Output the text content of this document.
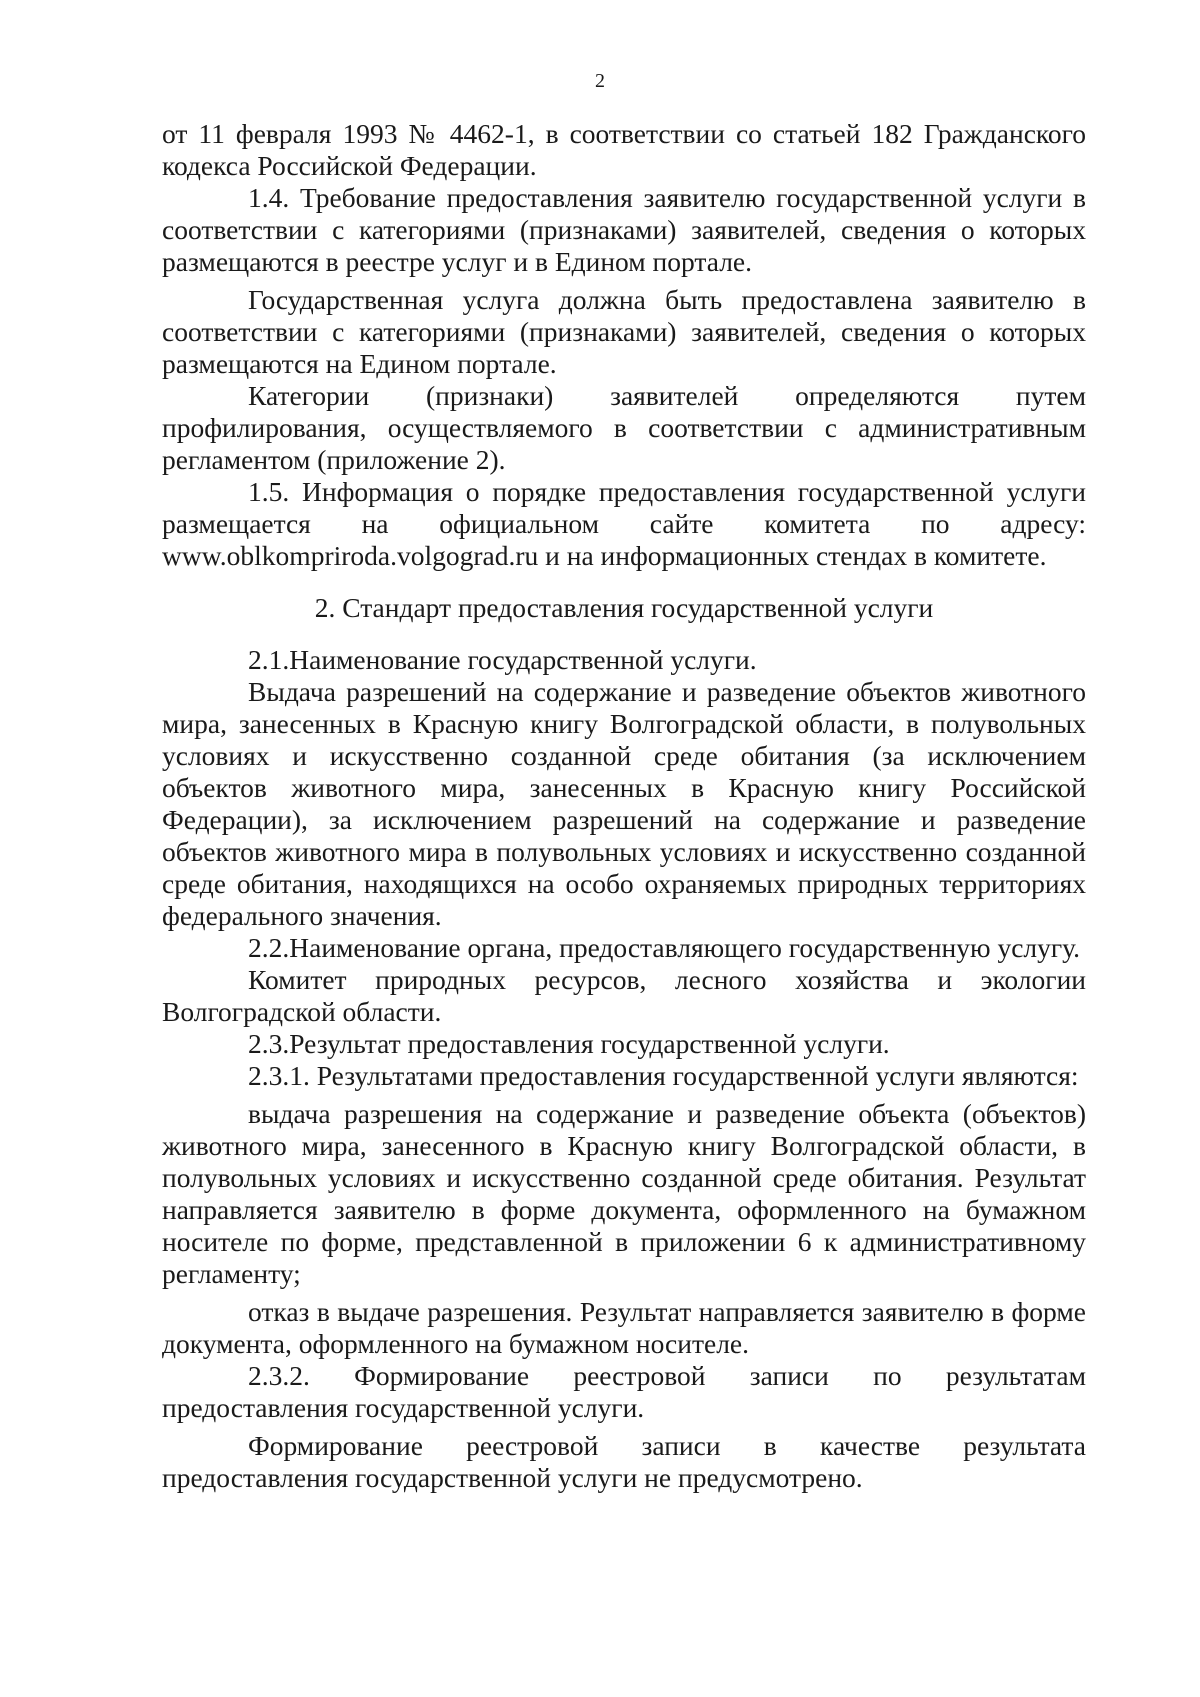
2

от 11 февраля 1993 № 4462-1, в соответствии со статьей 182 Гражданского кодекса Российской Федерации.

1.4. Требование предоставления заявителю государственной услуги в соответствии с категориями (признаками) заявителей, сведения о которых размещаются в реестре услуг и в Едином портале.

Государственная услуга должна быть предоставлена заявителю в соответствии с категориями (признаками) заявителей, сведения о которых размещаются на Едином портале.

Категории (признаки) заявителей определяются путем профилирования, осуществляемого в соответствии с административным регламентом (приложение 2).

1.5. Информация о порядке предоставления государственной услуги размещается на официальном сайте комитета по адресу: www.oblkompriroda.volgograd.ru и на информационных стендах в комитете.

2. Стандарт предоставления государственной услуги

2.1.Наименование государственной услуги.

Выдача разрешений на содержание и разведение объектов животного мира, занесенных в Красную книгу Волгоградской области, в полувольных условиях и искусственно созданной среде обитания (за исключением объектов животного мира, занесенных в Красную книгу Российской Федерации), за исключением разрешений на содержание и разведение объектов животного мира в полувольных условиях и искусственно созданной среде обитания, находящихся на особо охраняемых природных территориях федерального значения.

2.2.Наименование органа, предоставляющего государственную услугу.

Комитет природных ресурсов, лесного хозяйства и экологии Волгоградской области.

2.3.Результат предоставления государственной услуги.

2.3.1. Результатами предоставления государственной услуги являются:

выдача разрешения на содержание и разведение объекта (объектов) животного мира, занесенного в Красную книгу Волгоградской области, в полувольных условиях и искусственно созданной среде обитания. Результат направляется заявителю в форме документа, оформленного на бумажном носителе по форме, представленной в приложении 6 к административному регламенту;

отказ в выдаче разрешения. Результат направляется заявителю в форме документа, оформленного на бумажном носителе.

2.3.2. Формирование реестровой записи по результатам предоставления государственной услуги.

Формирование реестровой записи в качестве результата предоставления государственной услуги не предусмотрено.
